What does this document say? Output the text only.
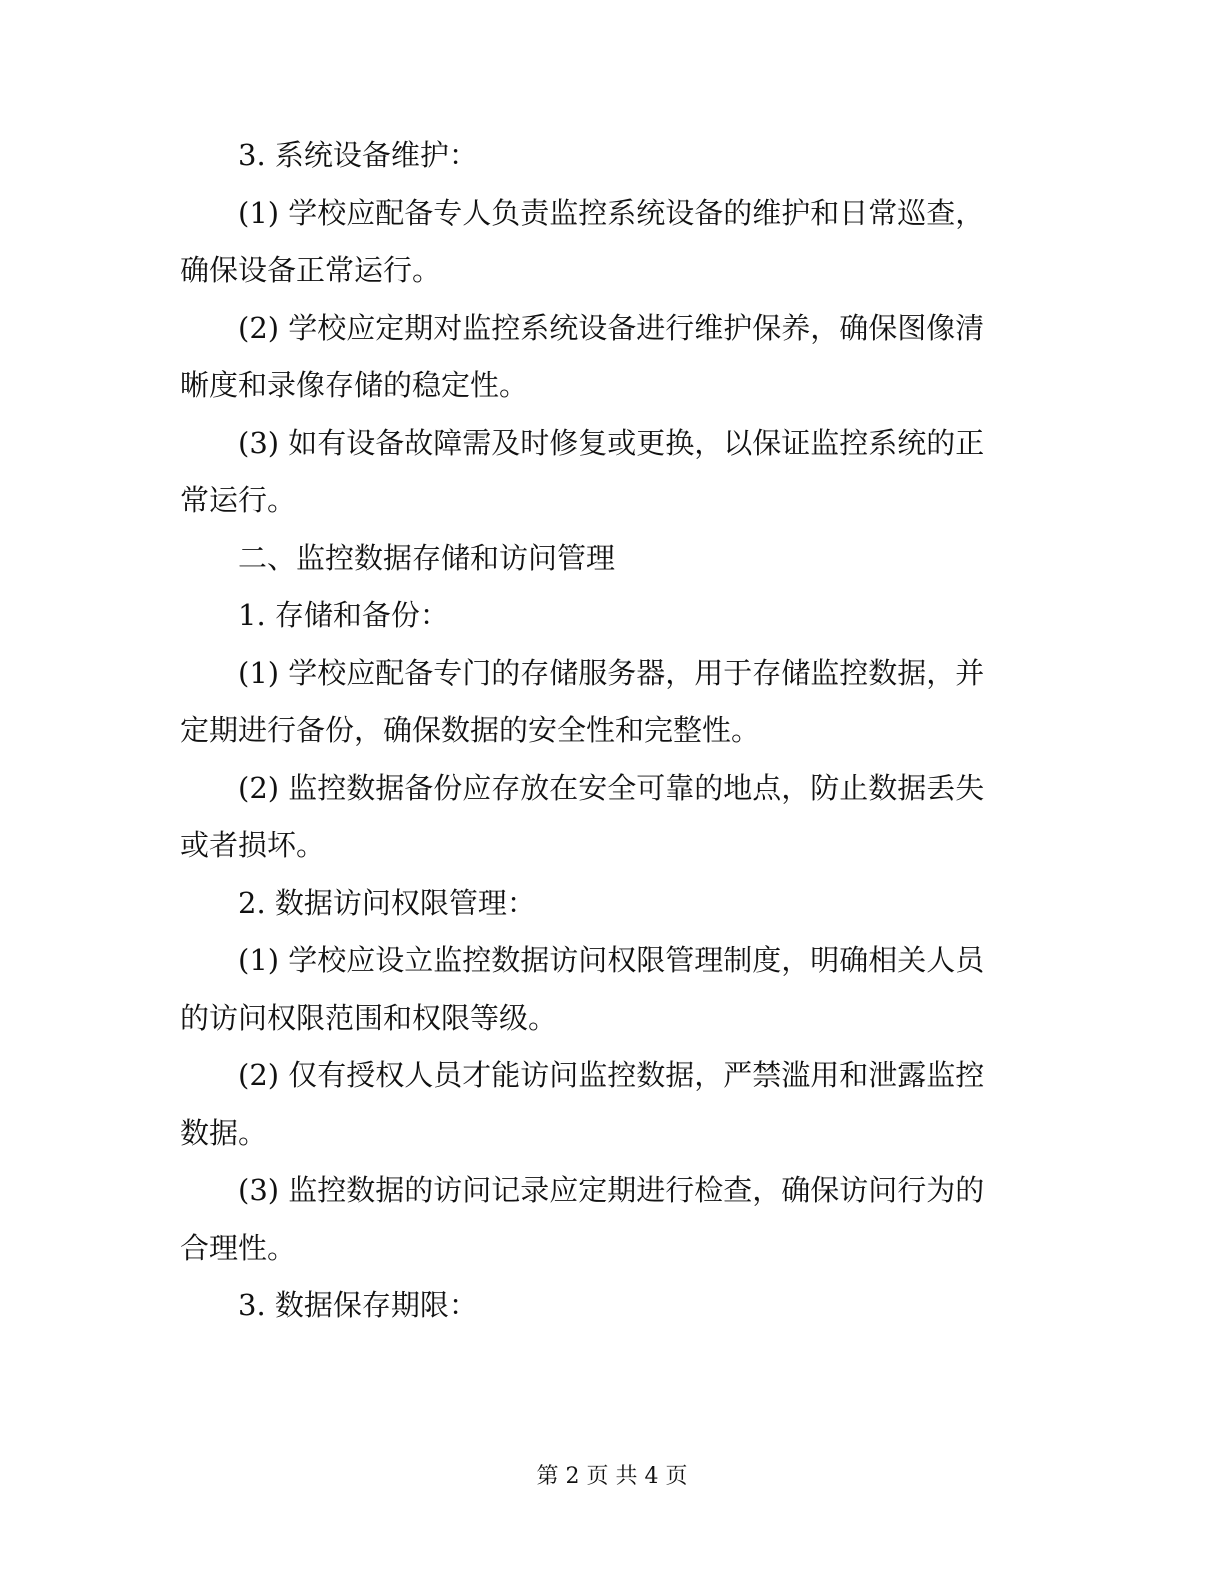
3. 系统设备维护：
(1) 学校应配备专人负责监控系统设备的维护和日常巡查，
确保设备正常运行。
(2) 学校应定期对监控系统设备进行维护保养，确保图像清
晰度和录像存储的稳定性。
(3) 如有设备故障需及时修复或更换，以保证监控系统的正
常运行。
二、监控数据存储和访问管理
1. 存储和备份：
(1) 学校应配备专门的存储服务器，用于存储监控数据，并
定期进行备份，确保数据的安全性和完整性。
(2) 监控数据备份应存放在安全可靠的地点，防止数据丢失
或者损坏。
2. 数据访问权限管理：
(1) 学校应设立监控数据访问权限管理制度，明确相关人员
的访问权限范围和权限等级。
(2) 仅有授权人员才能访问监控数据，严禁滥用和泄露监控
数据。
(3) 监控数据的访问记录应定期进行检查，确保访问行为的
合理性。
3. 数据保存期限：
第 2 页 共 4 页
